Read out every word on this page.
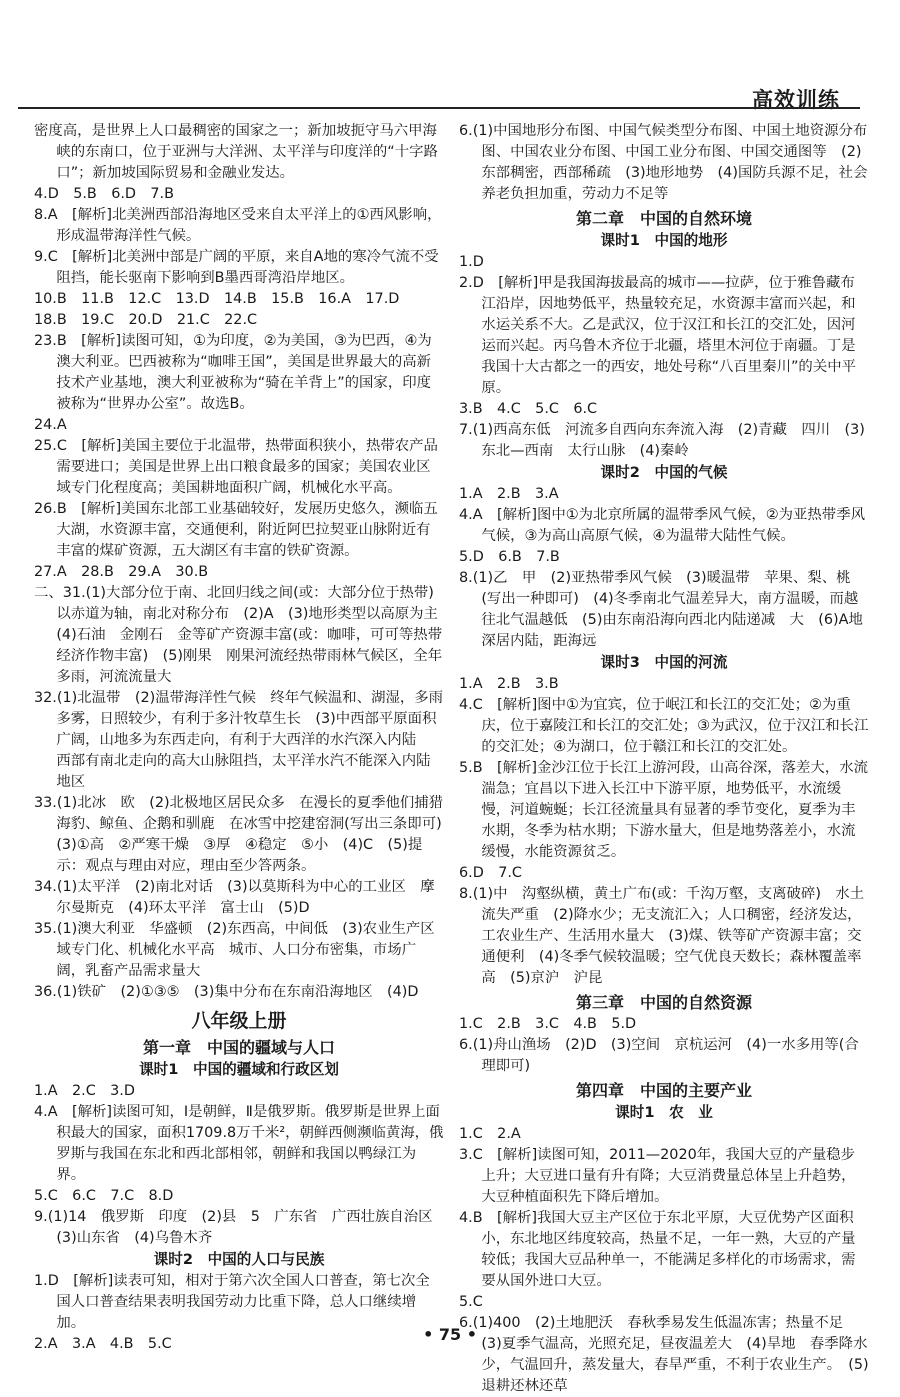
高效训练

密度高，是世界上人口最稠密的国家之一；新加坡扼守马六甲海峡的东南口，位于亚洲与大洋洲、太平洋与印度洋的“十字路口”；新加坡国际贸易和金融业发达。

4.D　5.B　6.D　7.B

8.A　[解析]北美洲西部沿海地区受来自太平洋上的①西风影响，形成温带海洋性气候。

9.C　[解析]北美洲中部是广阔的平原，来自A地的寒冷气流不受阻挡，能长驱南下影响到B墨西哥湾沿岸地区。

10.B　11.B　12.C　13.D　14.B　15.B　16.A　17.D

18.B　19.C　20.D　21.C　22.C

23.B　[解析]读图可知，①为印度，②为美国，③为巴西，④为澳大利亚。巴西被称为“咖啡王国”，美国是世界最大的高新技术产业基地，澳大利亚被称为“骑在羊背上”的国家，印度被称为“世界办公室”。故选B。

24.A

25.C　[解析]美国主要位于北温带，热带面积狭小，热带农产品需要进口；美国是世界上出口粮食最多的国家；美国农业区域专门化程度高；美国耕地面积广阔，机械化水平高。

26.B　[解析]美国东北部工业基础较好，发展历史悠久，濒临五大湖，水资源丰富，交通便利，附近阿巴拉契亚山脉附近有丰富的煤矿资源，五大湖区有丰富的铁矿资源。

27.A　28.B　29.A　30.B

二、31.(1)大部分位于南、北回归线之间(或：大部分位于热带)　以赤道为轴，南北对称分布　(2)A　(3)地形类型以高原为主　(4)石油　金刚石　金等矿产资源丰富(或：咖啡，可可等热带经济作物丰富)　(5)刚果　刚果河流经热带雨林气候区，全年多雨，河流流量大

32.(1)北温带　(2)温带海洋性气候　终年气候温和、湖湿，多雨多雾，日照较少，有利于多汁牧草生长　(3)中西部平原面积广阔，山地多为东西走向，有利于大西洋的水汽深入内陆　西部有南北走向的高大山脉阻挡，太平洋水汽不能深入内陆地区

33.(1)北冰　欧　(2)北极地区居民众多　在漫长的夏季他们捕猎海豹、鲸鱼、企鹅和驯鹿　在冰雪中挖建窑洞(写出三条即可)　(3)①高　②严寒干燥　③厚　④稳定　⑤小　(4)C　(5)提示：观点与理由对应，理由至少答两条。

34.(1)太平洋　(2)南北对话　(3)以莫斯科为中心的工业区　摩尔曼斯克　(4)环太平洋　富士山　(5)D

35.(1)澳大利亚　华盛顿　(2)东西高，中间低　(3)农业生产区域专门化、机械化水平高　城市、人口分布密集，市场广阔，乳畜产品需求量大

36.(1)铁矿　(2)①③⑤　(3)集中分布在东南沿海地区　(4)D

八年级上册
第一章　中国的疆域与人口
课时1　中国的疆域和行政区划

1.A　2.C　3.D

4.A　[解析]读图可知，Ⅰ是朝鲜，Ⅱ是俄罗斯。俄罗斯是世界上面积最大的国家，面积1709.8万千米²，朝鲜西侧濒临黄海，俄罗斯与我国在东北和西北部相邻，朝鲜和我国以鸭绿江为界。

5.C　6.C　7.C　8.D

9.(1)14　俄罗斯　印度　(2)县　5　广东省　广西壮族自治区　(3)山东省　(4)乌鲁木齐

课时2　中国的人口与民族

1.D　[解析]读表可知，相对于第六次全国人口普查，第七次全国人口普查结果表明我国劳动力比重下降，总人口继续增加。

2.A　3.A　4.B　5.C

6.(1)中国地形分布图、中国气候类型分布图、中国土地资源分布图、中国农业分布图、中国工业分布图、中国交通图等　(2)东部稠密，西部稀疏　(3)地形地势　(4)国防兵源不足，社会养老负担加重，劳动力不足等

第二章　中国的自然环境
课时1　中国的地形

1.D

2.D　[解析]甲是我国海拔最高的城市——拉萨，位于雅鲁藏布江沿岸，因地势低平，热量较充足，水资源丰富而兴起，和水运关系不大。乙是武汉，位于汉江和长江的交汇处，因河运而兴起。丙乌鲁木齐位于北疆，塔里木河位于南疆。丁是我国十大古都之一的西安，地处号称“八百里秦川”的关中平原。

3.B　4.C　5.C　6.C

7.(1)西高东低　河流多自西向东奔流入海　(2)青藏　四川　(3)东北—西南　太行山脉　(4)秦岭

课时2　中国的气候

1.A　2.B　3.A

4.A　[解析]图中①为北京所属的温带季风气候，②为亚热带季风气候，③为高山高原气候，④为温带大陆性气候。

5.D　6.B　7.B

8.(1)乙　甲　(2)亚热带季风气候　(3)暖温带　苹果、梨、桃(写出一种即可)　(4)冬季南北气温差异大，南方温暖，而越往北气温越低　(5)由东南沿海向西北内陆递减　大　(6)A地深居内陆，距海远

课时3　中国的河流

1.A　2.B　3.B

4.C　[解析]图中①为宜宾，位于岷江和长江的交汇处；②为重庆，位于嘉陵江和长江的交汇处；③为武汉，位于汉江和长江的交汇处；④为湖口，位于赣江和长江的交汇处。

5.B　[解析]金沙江位于长江上游河段，山高谷深，落差大，水流湍急；宜昌以下进入长江中下游平原，地势低平，水流缓慢，河道蜿蜒；长江径流量具有显著的季节变化，夏季为丰水期，冬季为枯水期；下游水量大，但是地势落差小，水流缓慢，水能资源贫乏。

6.D　7.C

8.(1)中　沟壑纵横，黄土广布(或：千沟万壑，支离破碎)　水土流失严重　(2)降水少；无支流汇入；人口稠密，经济发达，工农业生产、生活用水量大　(3)煤、铁等矿产资源丰富；交通便利　(4)冬季气候较温暖；空气优良天数长；森林覆盖率高　(5)京沪　沪昆

第三章　中国的自然资源

1.C　2.B　3.C　4.B　5.D

6.(1)舟山渔场　(2)D　(3)空间　京杭运河　(4)一水多用等(合理即可)

第四章　中国的主要产业
课时1　农　业

1.C　2.A

3.C　[解析]读图可知，2011—2020年，我国大豆的产量稳步上升；大豆进口量有升有降；大豆消费量总体呈上升趋势，大豆种植面积先下降后增加。

4.B　[解析]我国大豆主产区位于东北平原，大豆优势产区面积小，东北地区纬度较高，热量不足，一年一熟，大豆的产量较低；我国大豆品种单一，不能满足多样化的市场需求，需要从国外进口大豆。

5.C

6.(1)400　(2)土地肥沃　春秋季易发生低温冻害；热量不足　(3)夏季气温高，光照充足，昼夜温差大　(4)旱地　春季降水少，气温回升，蒸发量大，春旱严重，不利于农业生产。　(5)退耕还林还草

• 75 •
